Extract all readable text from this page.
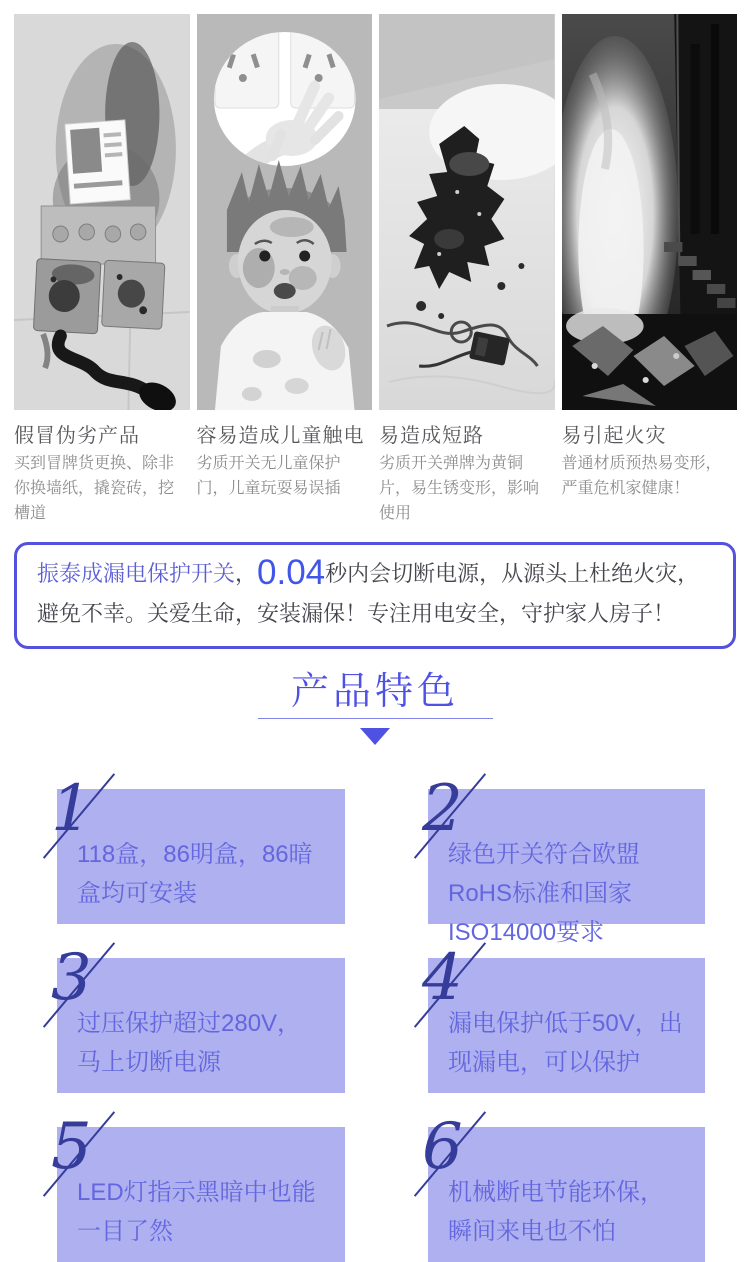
假冒伪劣产品
买到冒牌货更换、除非你换墙纸，撬瓷砖，挖槽道
容易造成儿童触电
劣质开关无儿童保护门，儿童玩耍易误插
易造成短路
劣质开关弹牌为黄铜片，易生锈变形，影响使用
易引起火灾
普通材质预热易变形，严重危机家健康！

振泰成漏电保护开关，0.04秒内会切断电源，从源头上杜绝火灾，避免不幸。关爱生命，安装漏保！专注用电安全，守护家人房子！

产品特色
1

118盒，86明盒，86暗盒均可安装

2

绿色开关符合欧盟RoHS标准和国家ISO14000要求

3

过压保护超过280V，马上切断电源

4

漏电保护低于50V，出现漏电，可以保护

5

LED灯指示黑暗中也能一目了然

6

机械断电节能环保，瞬间来电也不怕
